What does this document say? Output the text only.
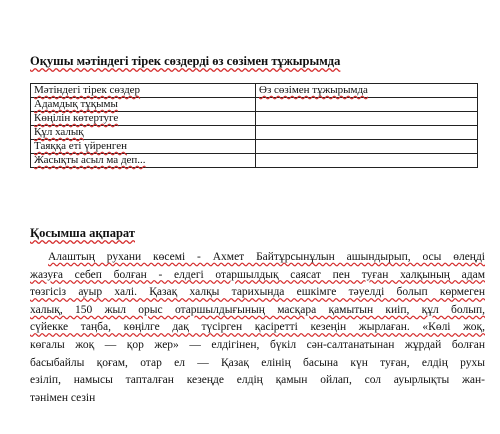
Оқушы мәтіндегі тірек сөздерді өз сөзімен тұжырымда
Мәтіндегі тірек сөздер	Өз сөзімен тұжырымда
Адамдық тұқымы	
Көңілін көтертуге	
Құл халық	
Таяққа еті үйренген	
Жасықты асыл ма деп...	
Қосымша ақпарат
Алаштың рухани көсемі - Ахмет Байтұрсынұлын ашындырып, осы өлеңді
жазуға себеп болған - елдегі отаршылдық саясат пен туған халқының адам
төзгісіз ауыр халі. Қазақ халқы тарихында ешкімге тәуелді болып көрмеген
халық, 150 жыл орыс отаршылдығының масқара қамытын киіп, құл болып,
сүйекке таңба, көңілге дақ түсірген қасіретті кезеңін жырлаған. «Көлі жоқ,
көгалы жоқ — қор жер» — елдігінен, бүкіл сән-салтанатынан жұрдай болған
басыбайлы қоғам, отар ел — Қазақ елінің басына күн туған, елдің рухы
езіліп, намысы тапталған кезеңде елдің қамын ойлап, сол ауырлықты жан-
тәнімен сезін
